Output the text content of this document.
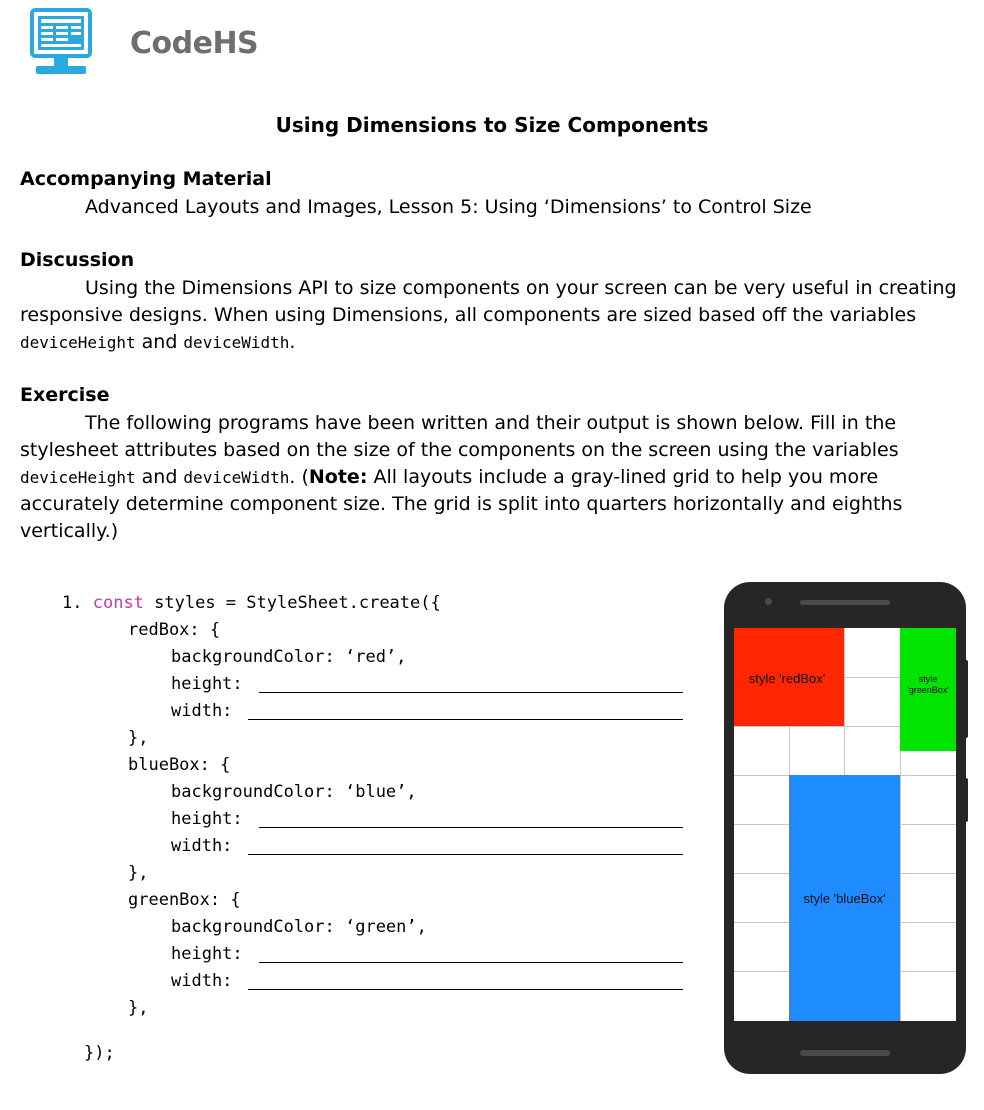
CodeHS
Using Dimensions to Size Components
Accompanying Material
Advanced Layouts and Images, Lesson 5: Using ‘Dimensions’ to Control Size
Discussion
Using the Dimensions API to size components on your screen can be very useful in creating responsive designs. When using Dimensions, all components are sized based off the variables deviceHeight and deviceWidth.
Exercise
The following programs have been written and their output is shown below. Fill in the stylesheet attributes based on the size of the components on the screen using the variables deviceHeight and deviceWidth. (Note: All layouts include a gray-lined grid to help you more accurately determine component size. The grid is split into quarters horizontally and eighths vertically.)
1. const styles = StyleSheet.create({
redBox: {
backgroundColor: ‘red’,
height:
width:
},
blueBox: {
backgroundColor: ‘blue’,
height:
width:
},
greenBox: {
backgroundColor: ‘green’,
height:
width:
},
});
style 'redBox'	style
'greenBox'
style 'blueBox'
